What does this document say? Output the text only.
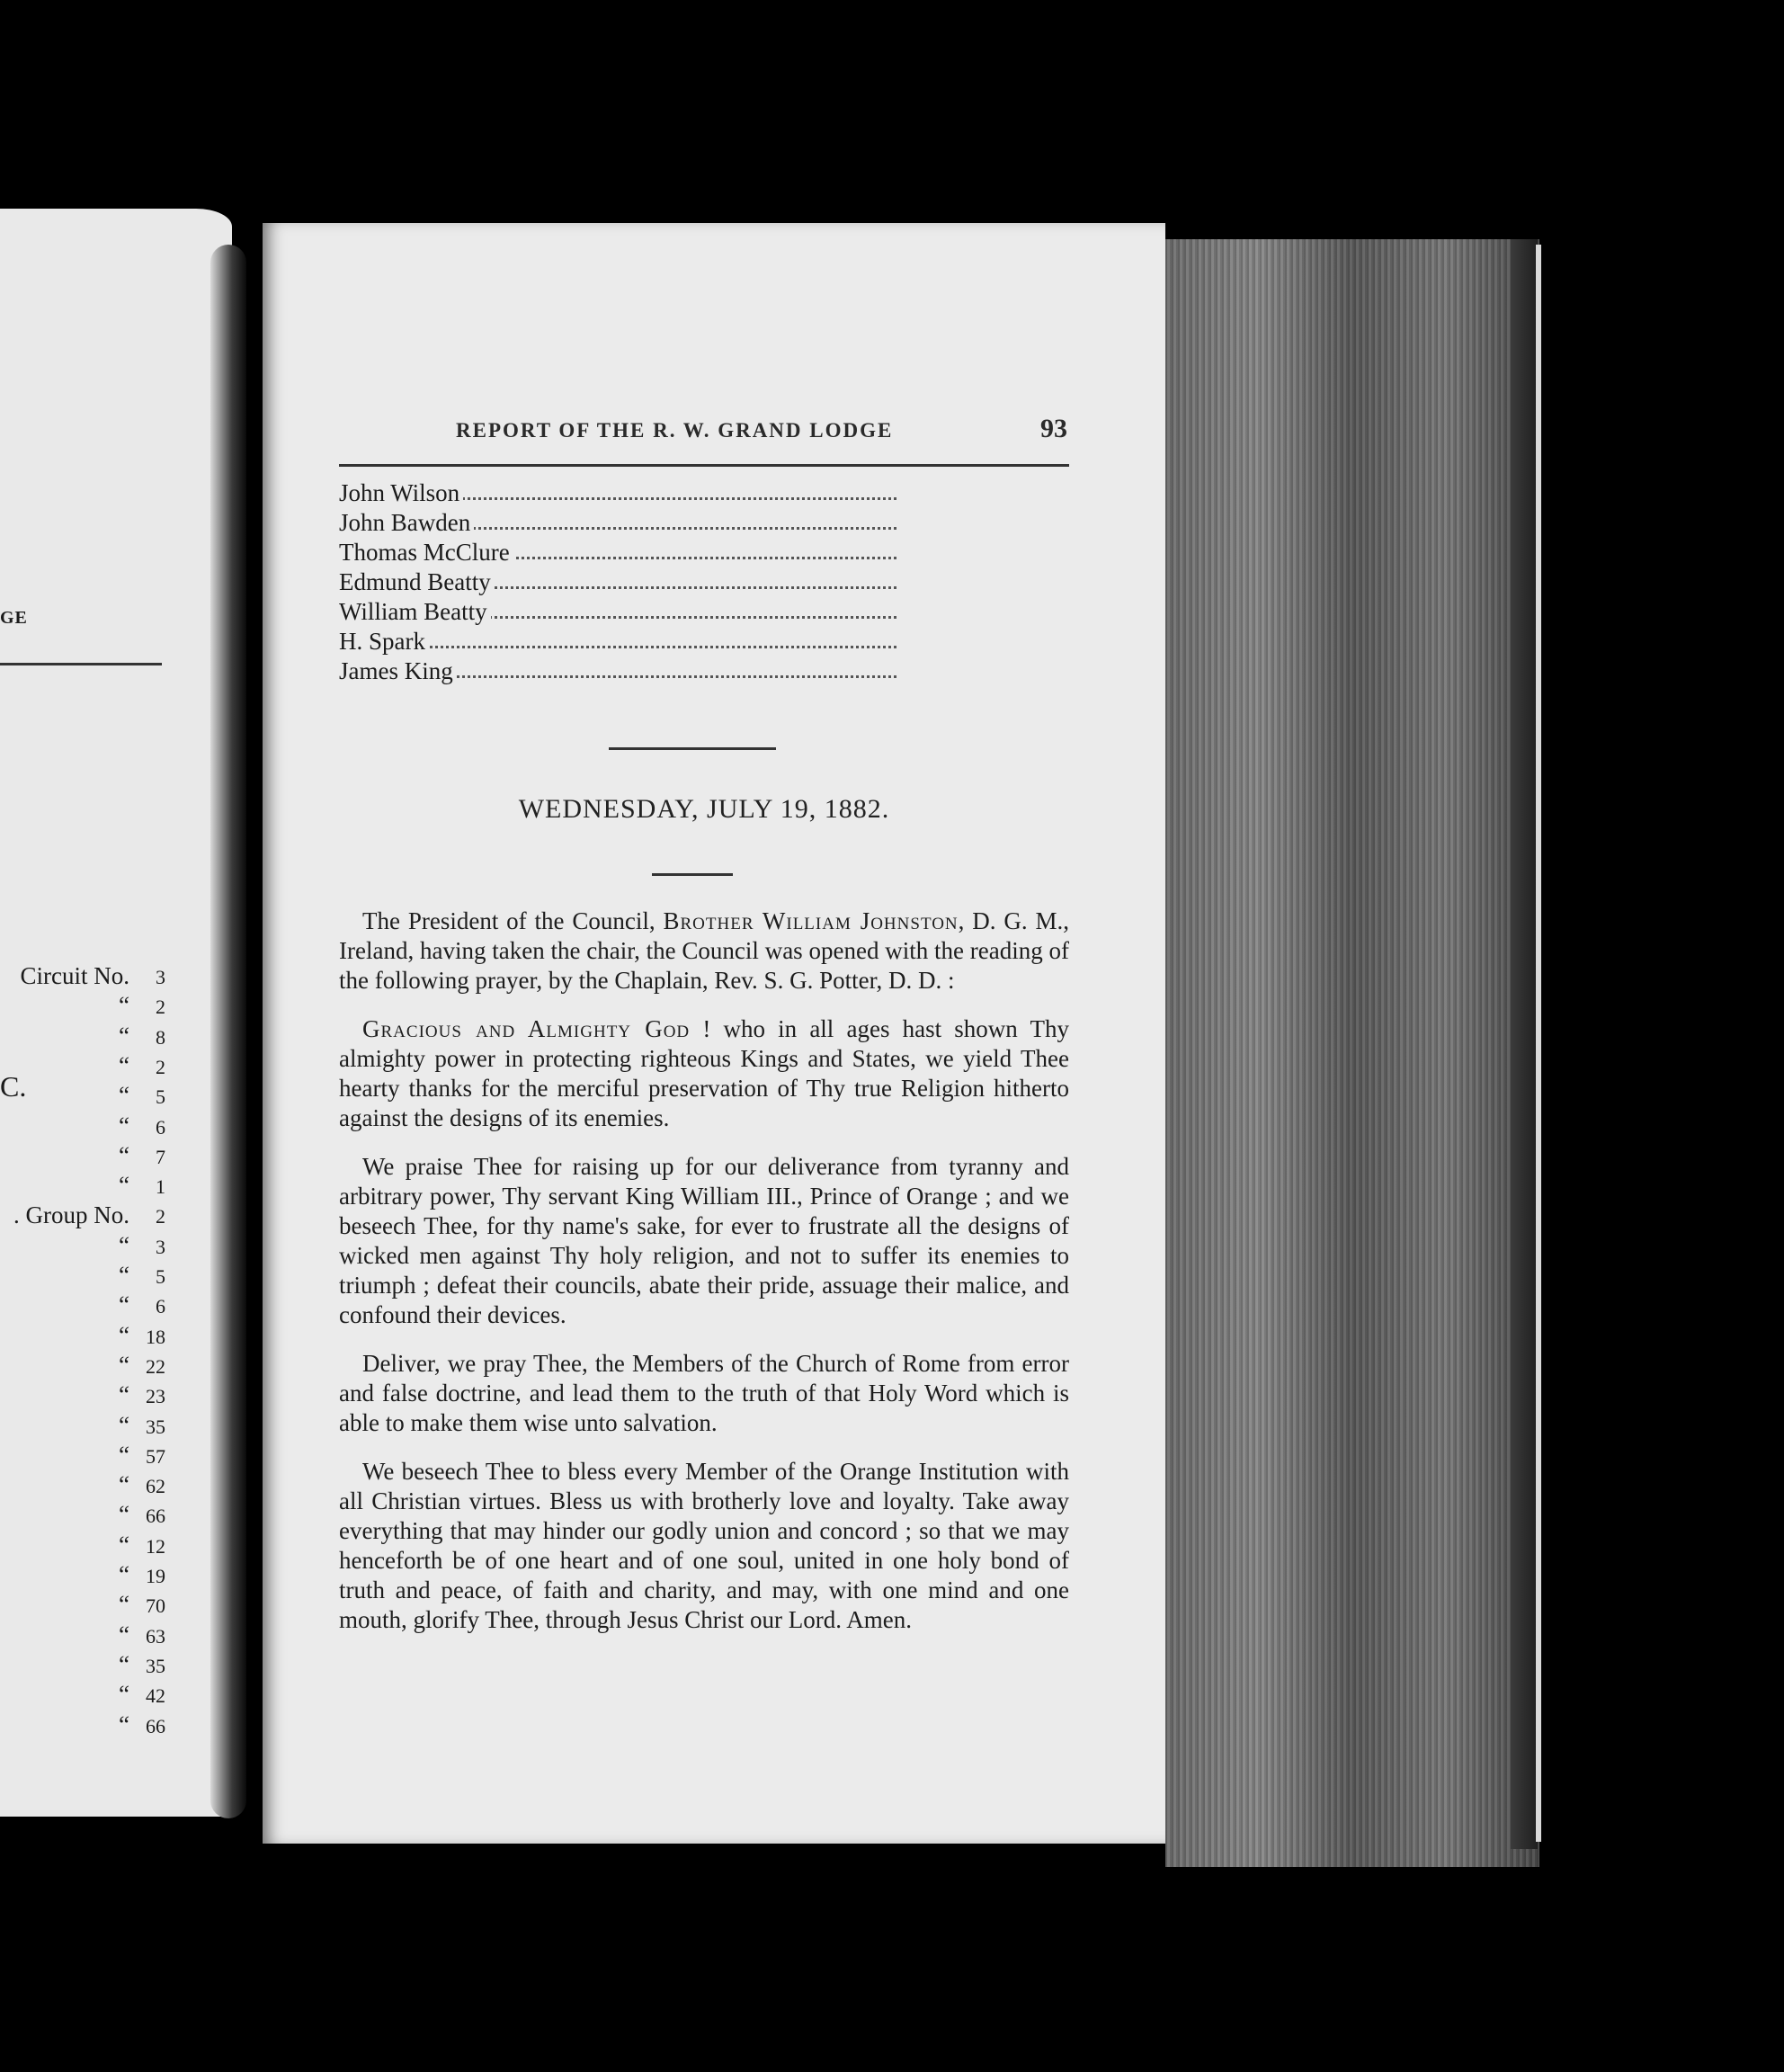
GE
C.
Circuit No. 3
“ 2
“ 8
“ 2
“ 5
“ 6
“ 7
“ 1
. Group No. 2
“ 3
“ 5
“ 6
“ 18
“ 22
“ 23
“ 35
“ 57
“ 62
“ 66
“ 12
“ 19
“ 70
“ 63
“ 35
“ 42
“ 66
REPORT OF THE R. W. GRAND LODGE	93
John Wilson
John Bawden
Thomas McClure
Edmund Beatty
William Beatty
H. Spark
James King
WEDNESDAY, JULY 19, 1882.

The President of the Council, Brother William Johnston, D. G. M., Ireland, having taken the chair, the Council was opened with the reading of the following prayer, by the Chaplain, Rev. S. G. Potter, D. D. :

Gracious and Almighty God ! who in all ages hast shown Thy almighty power in protecting righteous Kings and States, we yield Thee hearty thanks for the merciful preservation of Thy true Religion hitherto against the designs of its enemies.

We praise Thee for raising up for our deliverance from tyranny and arbitrary power, Thy servant King William III., Prince of Orange ; and we beseech Thee, for thy name's sake, for ever to frustrate all the designs of wicked men against Thy holy religion, and not to suffer its enemies to triumph ; defeat their councils, abate their pride, assuage their malice, and confound their devices.

Deliver, we pray Thee, the Members of the Church of Rome from error and false doctrine, and lead them to the truth of that Holy Word which is able to make them wise unto salvation.

We beseech Thee to bless every Member of the Orange Institution with all Christian virtues. Bless us with brotherly love and loyalty. Take away everything that may hinder our godly union and concord ; so that we may henceforth be of one heart and of one soul, united in one holy bond of truth and peace, of faith and charity, and may, with one mind and one mouth, glorify Thee, through Jesus Christ our Lord. Amen.
